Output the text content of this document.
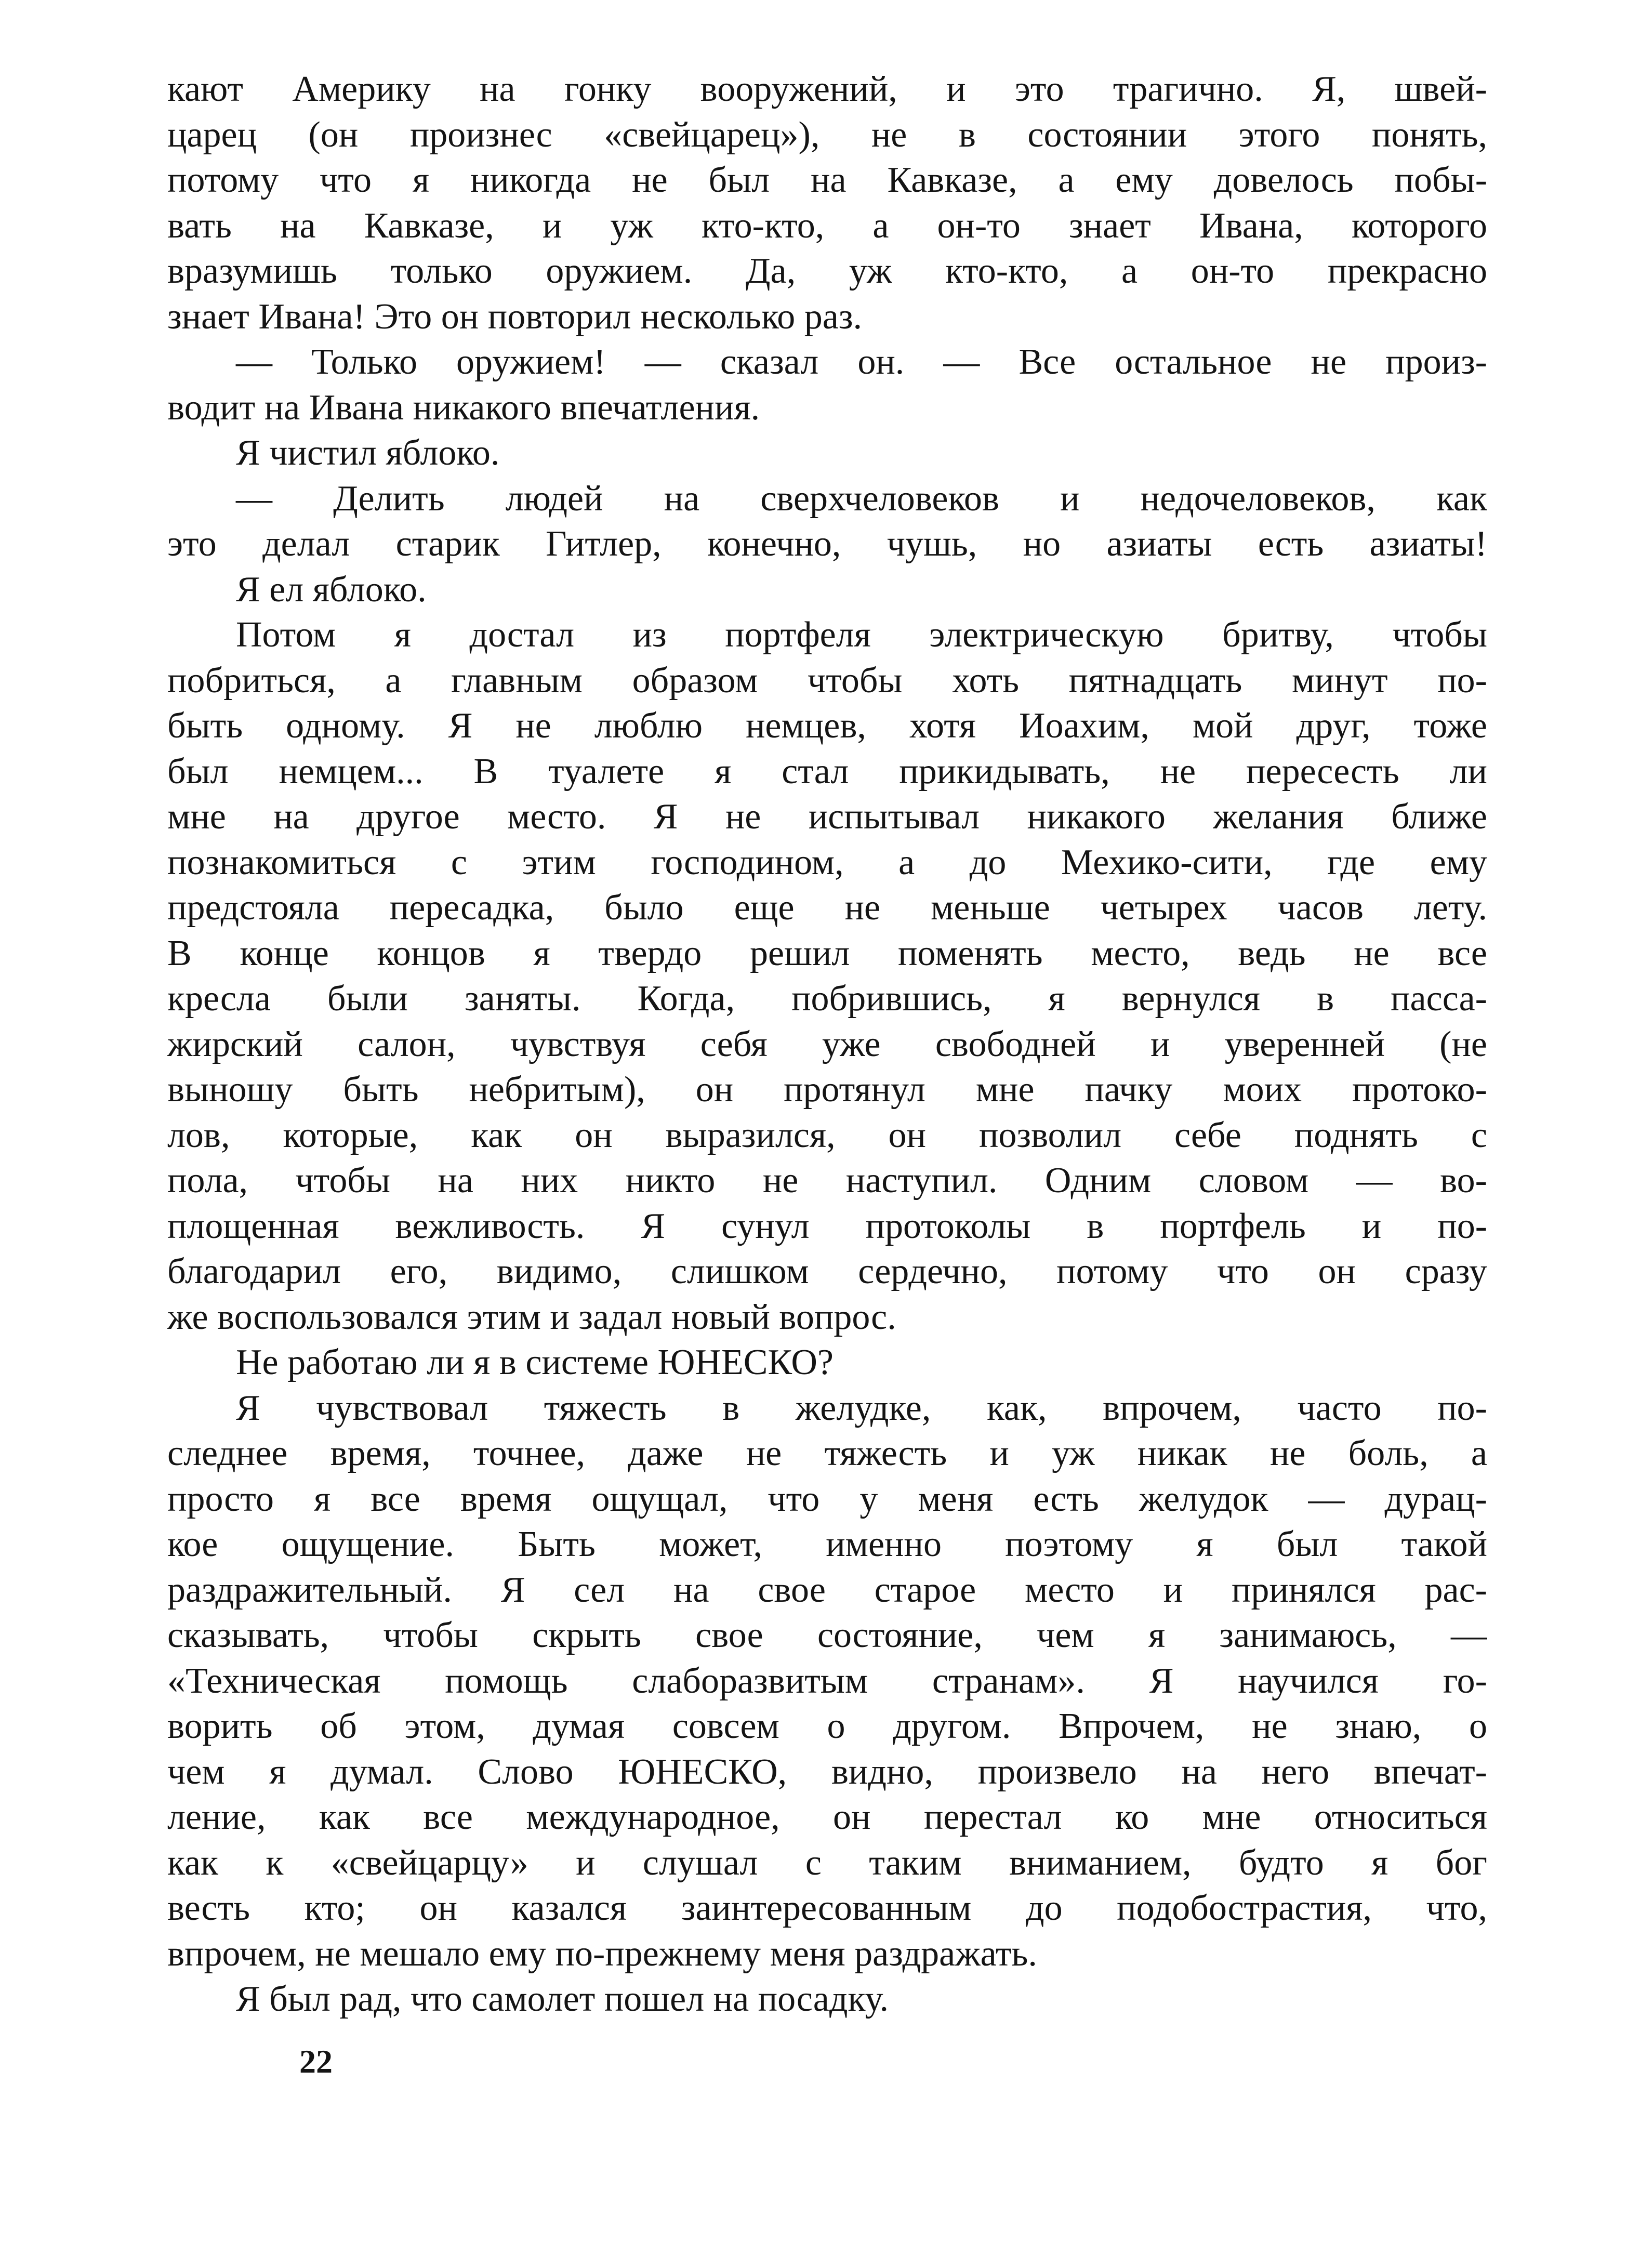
кают Америку на гонку вооружений, и это трагично. Я, швей-
царец (он произнес «свейцарец»), не в состоянии этого понять,
потому что я никогда не был на Кавказе, а ему довелось побы-
вать на Кавказе, и уж кто-кто, а он-то знает Ивана, которого
вразумишь только оружием. Да, уж кто-кто, а он-то прекрасно
знает Ивана! Это он повторил несколько раз.
— Только оружием! — сказал он. — Все остальное не произ-
водит на Ивана никакого впечатления.
Я чистил яблоко.
— Делить людей на сверхчеловеков и недочеловеков, как
это делал старик Гитлер, конечно, чушь, но азиаты есть азиаты!
Я ел яблоко.
Потом я достал из портфеля электрическую бритву, чтобы
побриться, а главным образом чтобы хоть пятнадцать минут по-
быть одному. Я не люблю немцев, хотя Иоахим, мой друг, тоже
был немцем... В туалете я стал прикидывать, не пересесть ли
мне на другое место. Я не испытывал никакого желания ближе
познакомиться с этим господином, а до Мехико-сити, где ему
предстояла пересадка, было еще не меньше четырех часов лету.
В конце концов я твердо решил поменять место, ведь не все
кресла были заняты. Когда, побрившись, я вернулся в пасса-
жирский салон, чувствуя себя уже свободней и уверенней (не
выношу быть небритым), он протянул мне пачку моих протоко-
лов, которые, как он выразился, он позволил себе поднять с
пола, чтобы на них никто не наступил. Одним словом — во-
площенная вежливость. Я сунул протоколы в портфель и по-
благодарил его, видимо, слишком сердечно, потому что он сразу
же воспользовался этим и задал новый вопрос.
Не работаю ли я в системе ЮНЕСКО?
Я чувствовал тяжесть в желудке, как, впрочем, часто по-
следнее время, точнее, даже не тяжесть и уж никак не боль, а
просто я все время ощущал, что у меня есть желудок — дурац-
кое ощущение. Быть может, именно поэтому я был такой
раздражительный. Я сел на свое старое место и принялся рас-
сказывать, чтобы скрыть свое состояние, чем я занимаюсь, —
«Техническая помощь слаборазвитым странам». Я научился го-
ворить об этом, думая совсем о другом. Впрочем, не знаю, о
чем я думал. Слово ЮНЕСКО, видно, произвело на него впечат-
ление, как все международное, он перестал ко мне относиться
как к «свейцарцу» и слушал с таким вниманием, будто я бог
весть кто; он казался заинтересованным до подобострастия, что,
впрочем, не мешало ему по-прежнему меня раздражать.
Я был рад, что самолет пошел на посадку.
22
